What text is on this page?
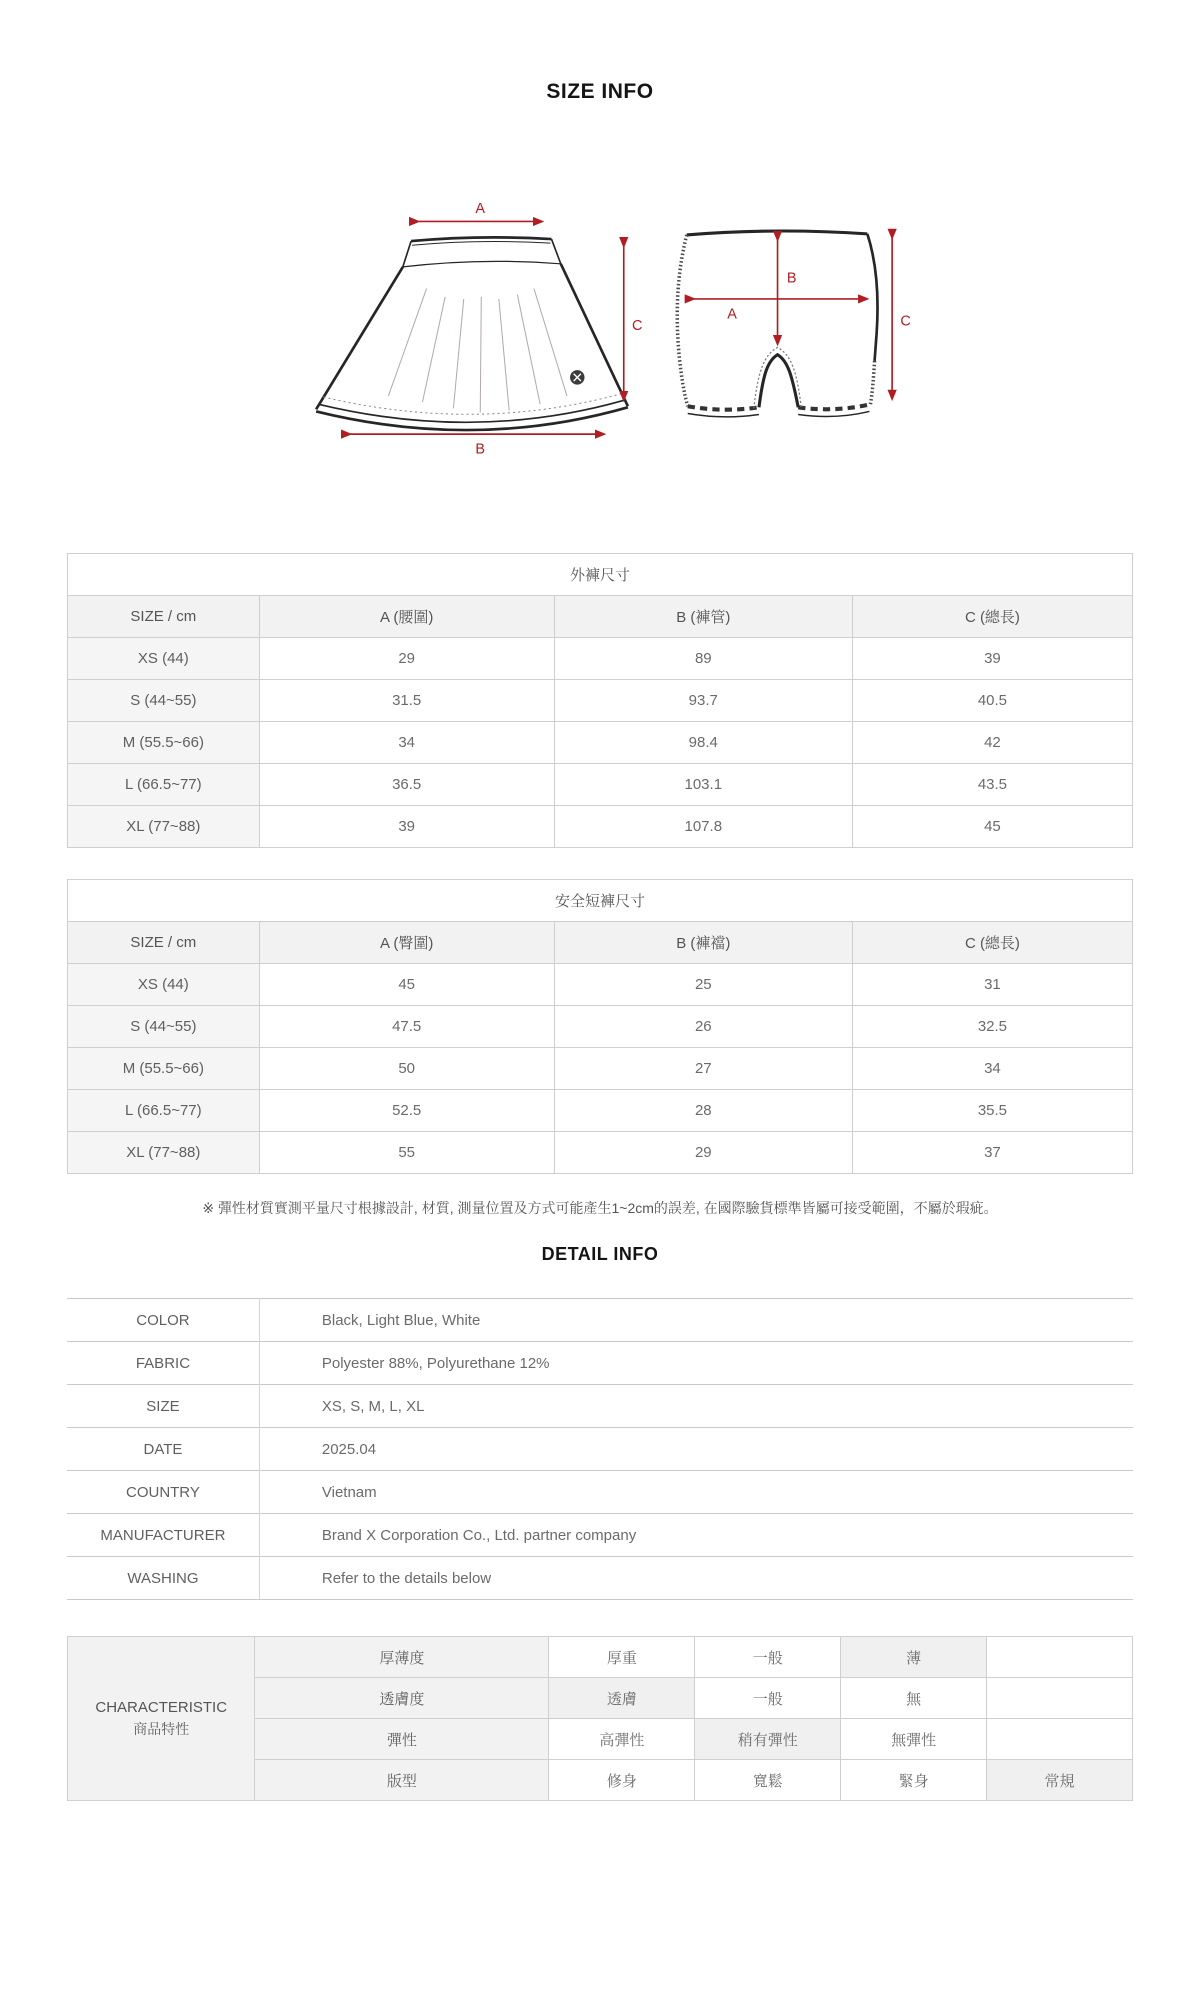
SIZE INFO
A
C
B
B
A	C
外褲尺寸			
SIZE / cm	A (腰圍)	B (褲管)	C (總長)
XS (44)	29	89	39
S (44~55)	31.5	93.7	40.5
M (55.5~66)	34	98.4	42
L (66.5~77)	36.5	103.1	43.5
XL (77~88)	39	107.8	45
安全短褲尺寸			
SIZE / cm	A (臀圍)	B (褲襠)	C (總長)
XS (44)	45	25	31
S (44~55)	47.5	26	32.5
M (55.5~66)	50	27	34
L (66.5~77)	52.5	28	35.5
XL (77~88)	55	29	37
※ 彈性材質實測平量尺寸根據設計, 材質, 測量位置及方式可能產生1~2cm的誤差, 在國際驗貨標準皆屬可接受範圍，不屬於瑕疵。
DETAIL INFO
COLOR	Black, Light Blue, White
FABRIC	Polyester 88%, Polyurethane 12%
SIZE	XS, S, M, L, XL
DATE	2025.04
COUNTRY	Vietnam
MANUFACTURER	Brand X Corporation Co., Ltd. partner company
WASHING	Refer to the details below
CHARACTERISTIC
商品特性	厚薄度	厚重	一般	薄	
	透膚度	透膚	一般	無	
	彈性	高彈性	稍有彈性	無彈性	
	版型	修身	寬鬆	緊身	常規
